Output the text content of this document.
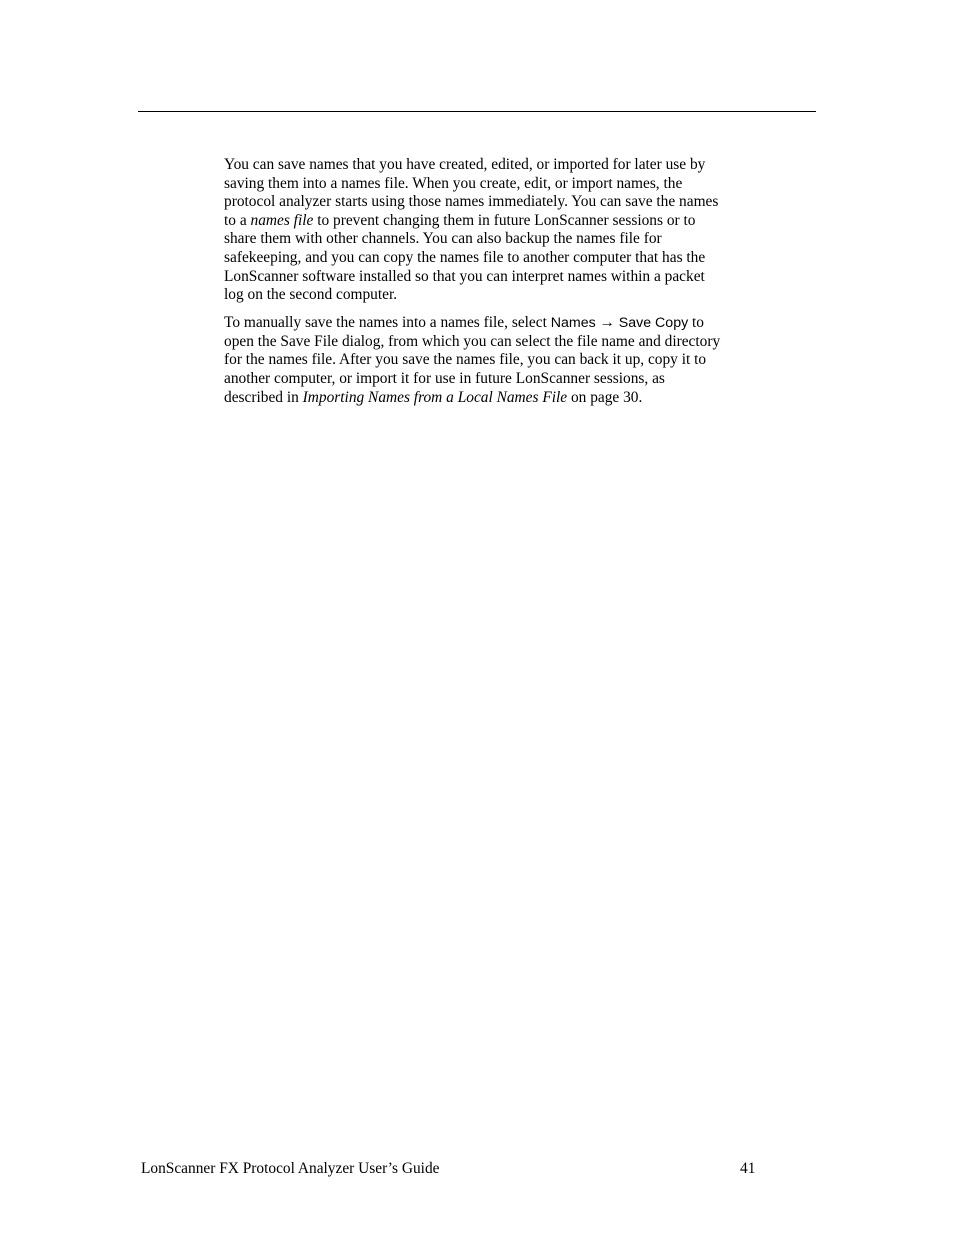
You can save names that you have created, edited, or imported for later use by
saving them into a names file. When you create, edit, or import names, the
protocol analyzer starts using those names immediately. You can save the names
to a names file to prevent changing them in future LonScanner sessions or to
share them with other channels. You can also backup the names file for
safekeeping, and you can copy the names file to another computer that has the
LonScanner software installed so that you can interpret names within a packet
log on the second computer.

To manually save the names into a names file, select Names → Save Copy to
open the Save File dialog, from which you can select the file name and directory
for the names file. After you save the names file, you can back it up, copy it to
another computer, or import it for use in future LonScanner sessions, as
described in Importing Names from a Local Names File on page 30.

LonScanner FX Protocol Analyzer User’s Guide	41
